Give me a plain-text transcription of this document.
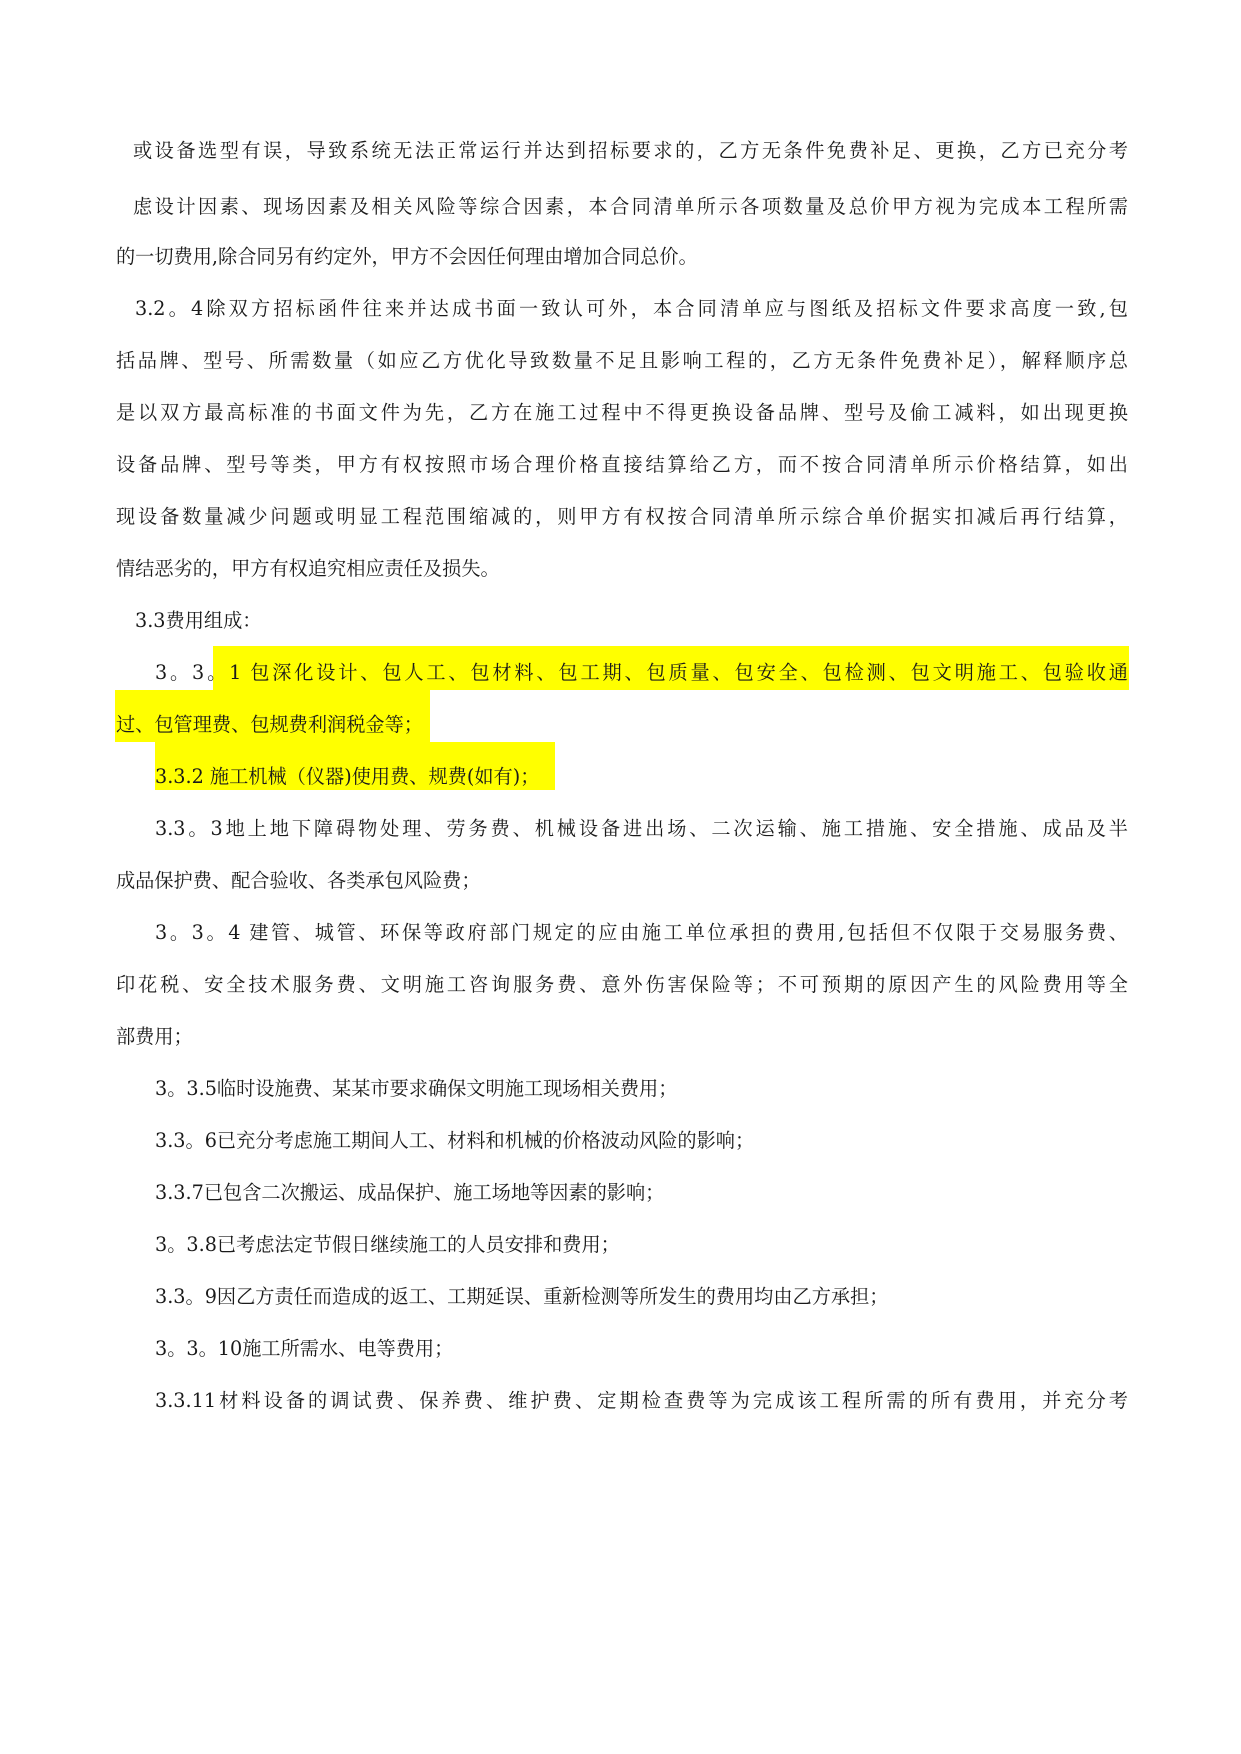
或设备选型有误，导致系统无法正常运行并达到招标要求的，乙方无条件免费补足、更换，乙方已充分考
虑设计因素、现场因素及相关风险等综合因素，本合同清单所示各项数量及总价甲方视为完成本工程所需
的一切费用,除合同另有约定外，甲方不会因任何理由增加合同总价。
3.2。4除双方招标函件往来并达成书面一致认可外，本合同清单应与图纸及招标文件要求高度一致,包
括品牌、型号、所需数量（如应乙方优化导致数量不足且影响工程的，乙方无条件免费补足），解释顺序总
是以双方最高标准的书面文件为先，乙方在施工过程中不得更换设备品牌、型号及偷工减料，如出现更换
设备品牌、型号等类，甲方有权按照市场合理价格直接结算给乙方，而不按合同清单所示价格结算，如出
现设备数量减少问题或明显工程范围缩减的，则甲方有权按合同清单所示综合单价据实扣减后再行结算，
情结恶劣的，甲方有权追究相应责任及损失。
3.3费用组成：
3。3。1 包深化设计、包人工、包材料、包工期、包质量、包安全、包检测、包文明施工、包验收通
过、包管理费、包规费利润税金等；
3.3.2 施工机械（仪器)使用费、规费(如有)；
3.3。3地上地下障碍物处理、劳务费、机械设备进出场、二次运输、施工措施、安全措施、成品及半
成品保护费、配合验收、各类承包风险费；
3。3。4 建管、城管、环保等政府部门规定的应由施工单位承担的费用,包括但不仅限于交易服务费、
印花税、安全技术服务费、文明施工咨询服务费、意外伤害保险等；不可预期的原因产生的风险费用等全
部费用；
3。3.5临时设施费、某某市要求确保文明施工现场相关费用；
3.3。6已充分考虑施工期间人工、材料和机械的价格波动风险的影响；
3.3.7已包含二次搬运、成品保护、施工场地等因素的影响；
3。3.8已考虑法定节假日继续施工的人员安排和费用；
3.3。9因乙方责任而造成的返工、工期延误、重新检测等所发生的费用均由乙方承担；
3。3。10施工所需水、电等费用；
3.3.11材料设备的调试费、保养费、维护费、定期检查费等为完成该工程所需的所有费用，并充分考
